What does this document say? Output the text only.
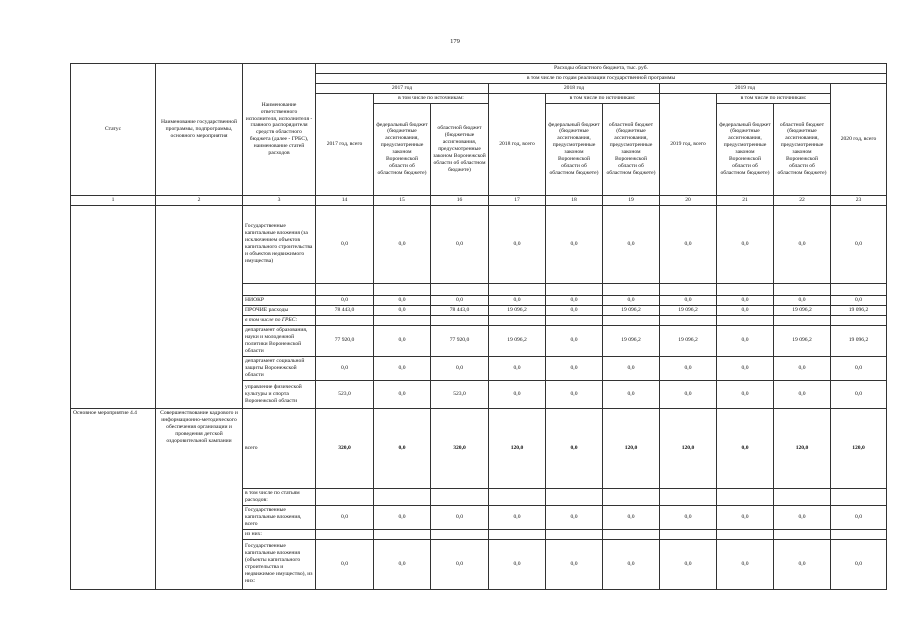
179
Статус	Наименование государственной программы, подпрограммы, основного мероприятия	Наименование ответственного исполнителя, исполнителя - главного распорядителя средств областного бюджета (далее - ГРБС), наименование статей расходов	Расходы областного бюджета, тыс. руб.									
			в том числе по годам реализации государственной программы									
			2017 год			2018 год			2019 год			2020 год, всего
			2017 год, всего	в том числе по источникам:		2018 год, всего	в том числе по источникам:		2019 год, всего	в том числе по источникам:		
				федеральный бюджет (бюджетные ассигнования, предусмотренные законом Воронежской области об областном бюджете)	областной бюджет (бюджетные ассигнования, предусмотренные законом Воронежской области об областном бюджете)		федеральный бюджет (бюджетные ассигнования, предусмотренные законом Воронежской области об областном бюджете)	областной бюджет (бюджетные ассигнования, предусмотренные законом Воронежской области об областном бюджете)		федеральный бюджет (бюджетные ассигнования, предусмотренные законом Воронежской области об областном бюджете)	областной бюджет (бюджетные ассигнования, предусмотренные законом Воронежской области об областном бюджете)	
1	2	3	14	15	16	17	18	19	20	21	22	23
		Государственные капитальные вложения (за исключением объектов капитального строительства и объектов недвижимого имущества)	0,0	0,0	0,0	0,0	0,0	0,0	0,0	0,0	0,0	0,0

		НИОКР	0,0	0,0	0,0	0,0	0,0	0,0	0,0	0,0	0,0	0,0
		ПРОЧИЕ расходы	78 443,0	0,0	78 443,0	19 096,2	0,0	19 096,2	19 096,2	0,0	19 096,2	19 096,2
		в том числе по ГРБС:										
		департамент образования, науки и молодежной политики Воронежской области	77 920,0	0,0	77 920,0	19 096,2	0,0	19 096,2	19 096,2	0,0	19 096,2	19 096,2
		департамент социальной защиты Воронежской области	0,0	0,0	0,0	0,0	0,0	0,0	0,0	0,0	0,0	0,0
		управление физической культуры и спорта Воронежской области	523,0	0,0	523,0	0,0	0,0	0,0	0,0	0,0	0,0	0,0
Основное мероприятие 4.4	Совершенствование кадрового и информационно-методического обеспечения организации и проведения детской оздоровительной кампании	всего	320,0	0,0	320,0	120,0	0,0	120,0	120,0	0,0	120,0	120,0
		в том числе по статьям расходов:										
		Государственные капитальные вложения, всего	0,0	0,0	0,0	0,0	0,0	0,0	0,0	0,0	0,0	0,0
		из них:										
		Государственные капитальные вложения (объекты капитального строительства и недвижимое имущество), из них:	0,0	0,0	0,0	0,0	0,0	0,0	0,0	0,0	0,0	0,0
